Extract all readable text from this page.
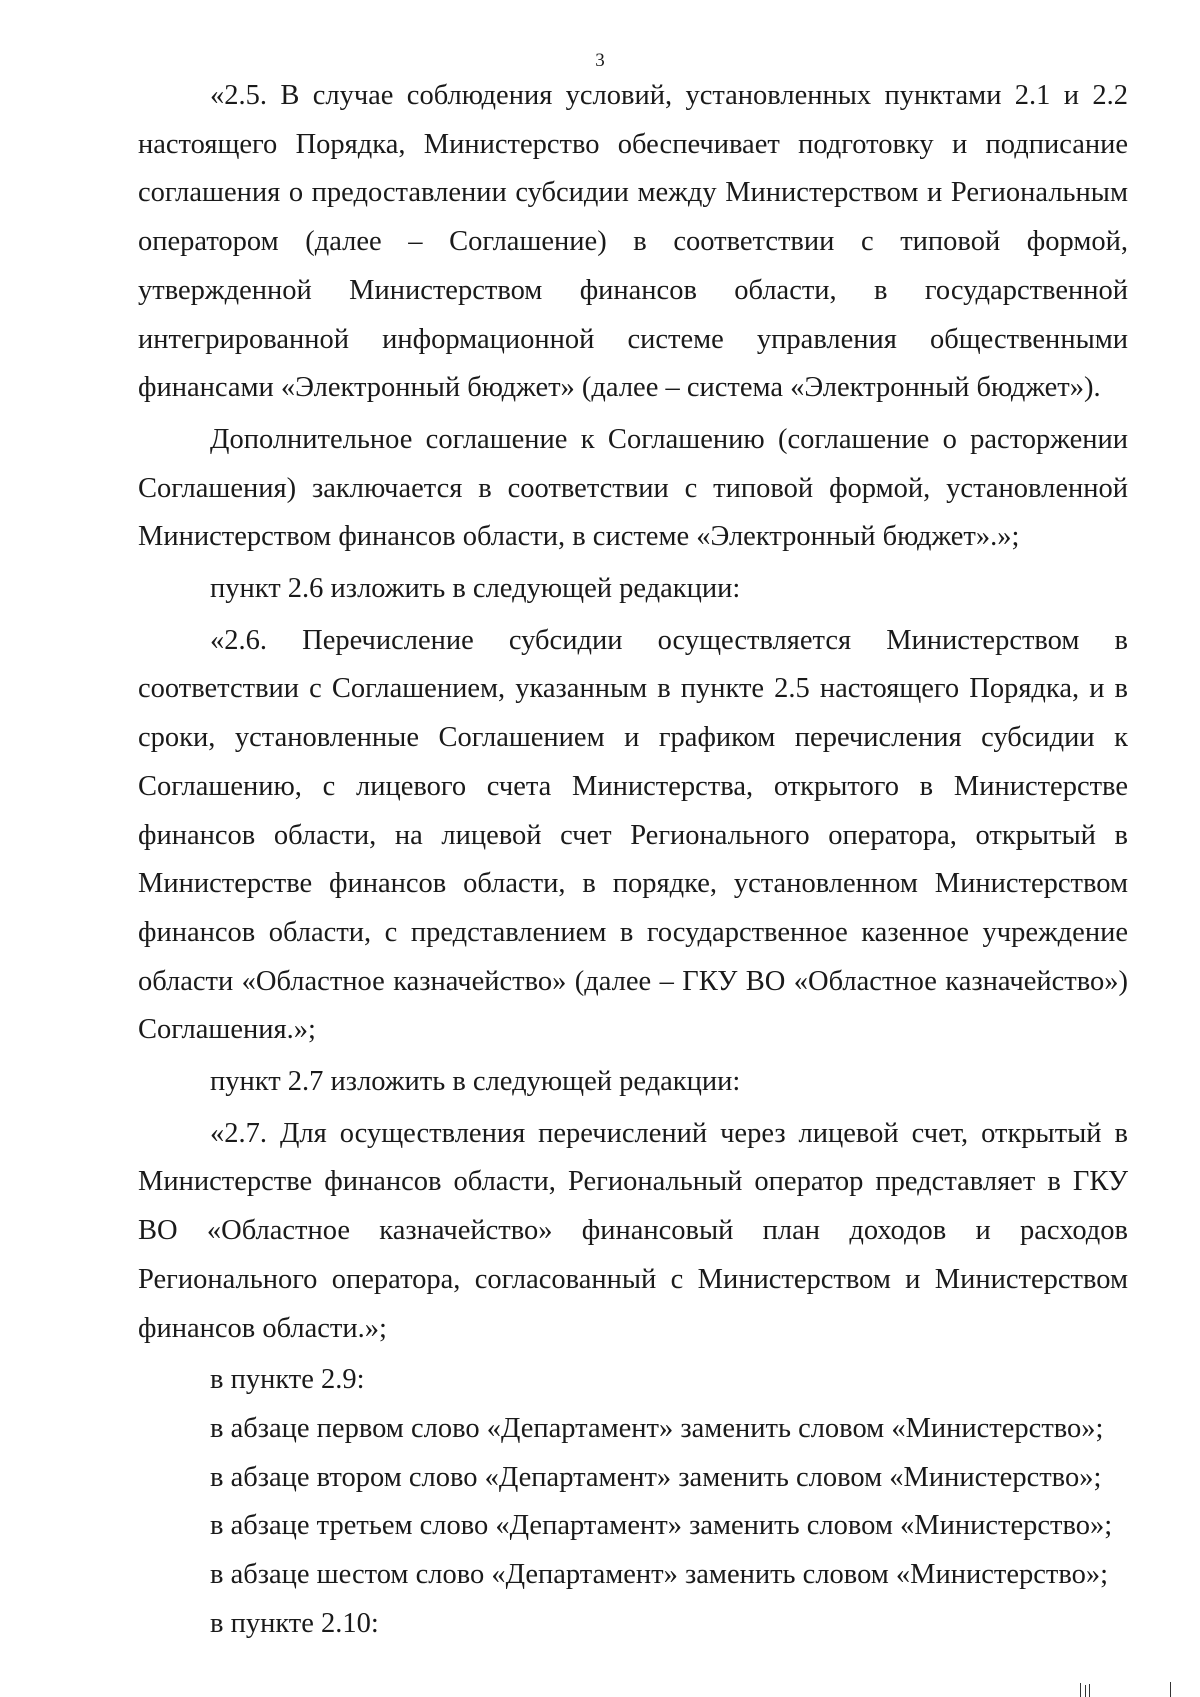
3

«2.5. В случае соблюдения условий, установленных пунктами 2.1 и 2.2 настоящего Порядка, Министерство обеспечивает подготовку и подписание соглашения о предоставлении субсидии между Министерством и Региональным оператором (далее – Соглашение) в соответствии с типовой формой, утвержденной Министерством финансов области, в государственной интегрированной информационной системе управления общественными финансами «Электронный бюджет» (далее – система «Электронный бюджет»).

Дополнительное соглашение к Соглашению (соглашение о расторжении Соглашения) заключается в соответствии с типовой формой, установленной Министерством финансов области, в системе «Электронный бюджет».»;

пункт 2.6 изложить в следующей редакции:

«2.6. Перечисление субсидии осуществляется Министерством в соответствии с Соглашением, указанным в пункте 2.5 настоящего Порядка, и в сроки, установленные Соглашением и графиком перечисления субсидии к Соглашению, с лицевого счета Министерства, открытого в Министерстве финансов области, на лицевой счет Регионального оператора, открытый в Министерстве финансов области, в порядке, установленном Министерством финансов области, с представлением в государственное казенное учреждение области «Областное казначейство» (далее – ГКУ ВО «Областное казначейство») Соглашения.»;

пункт 2.7 изложить в следующей редакции:

«2.7. Для осуществления перечислений через лицевой счет, открытый в Министерстве финансов области, Региональный оператор представляет в ГКУ ВО «Областное казначейство» финансовый план доходов и расходов Регионального оператора, согласованный с Министерством и Министерством финансов области.»;

в пункте 2.9:

в абзаце первом слово «Департамент» заменить словом «Министерство»;

в абзаце втором слово «Департамент» заменить словом «Министерство»;

в абзаце третьем слово «Департамент» заменить словом «Министерство»;

в абзаце шестом слово «Департамент» заменить словом «Министерство»;

в пункте 2.10:
